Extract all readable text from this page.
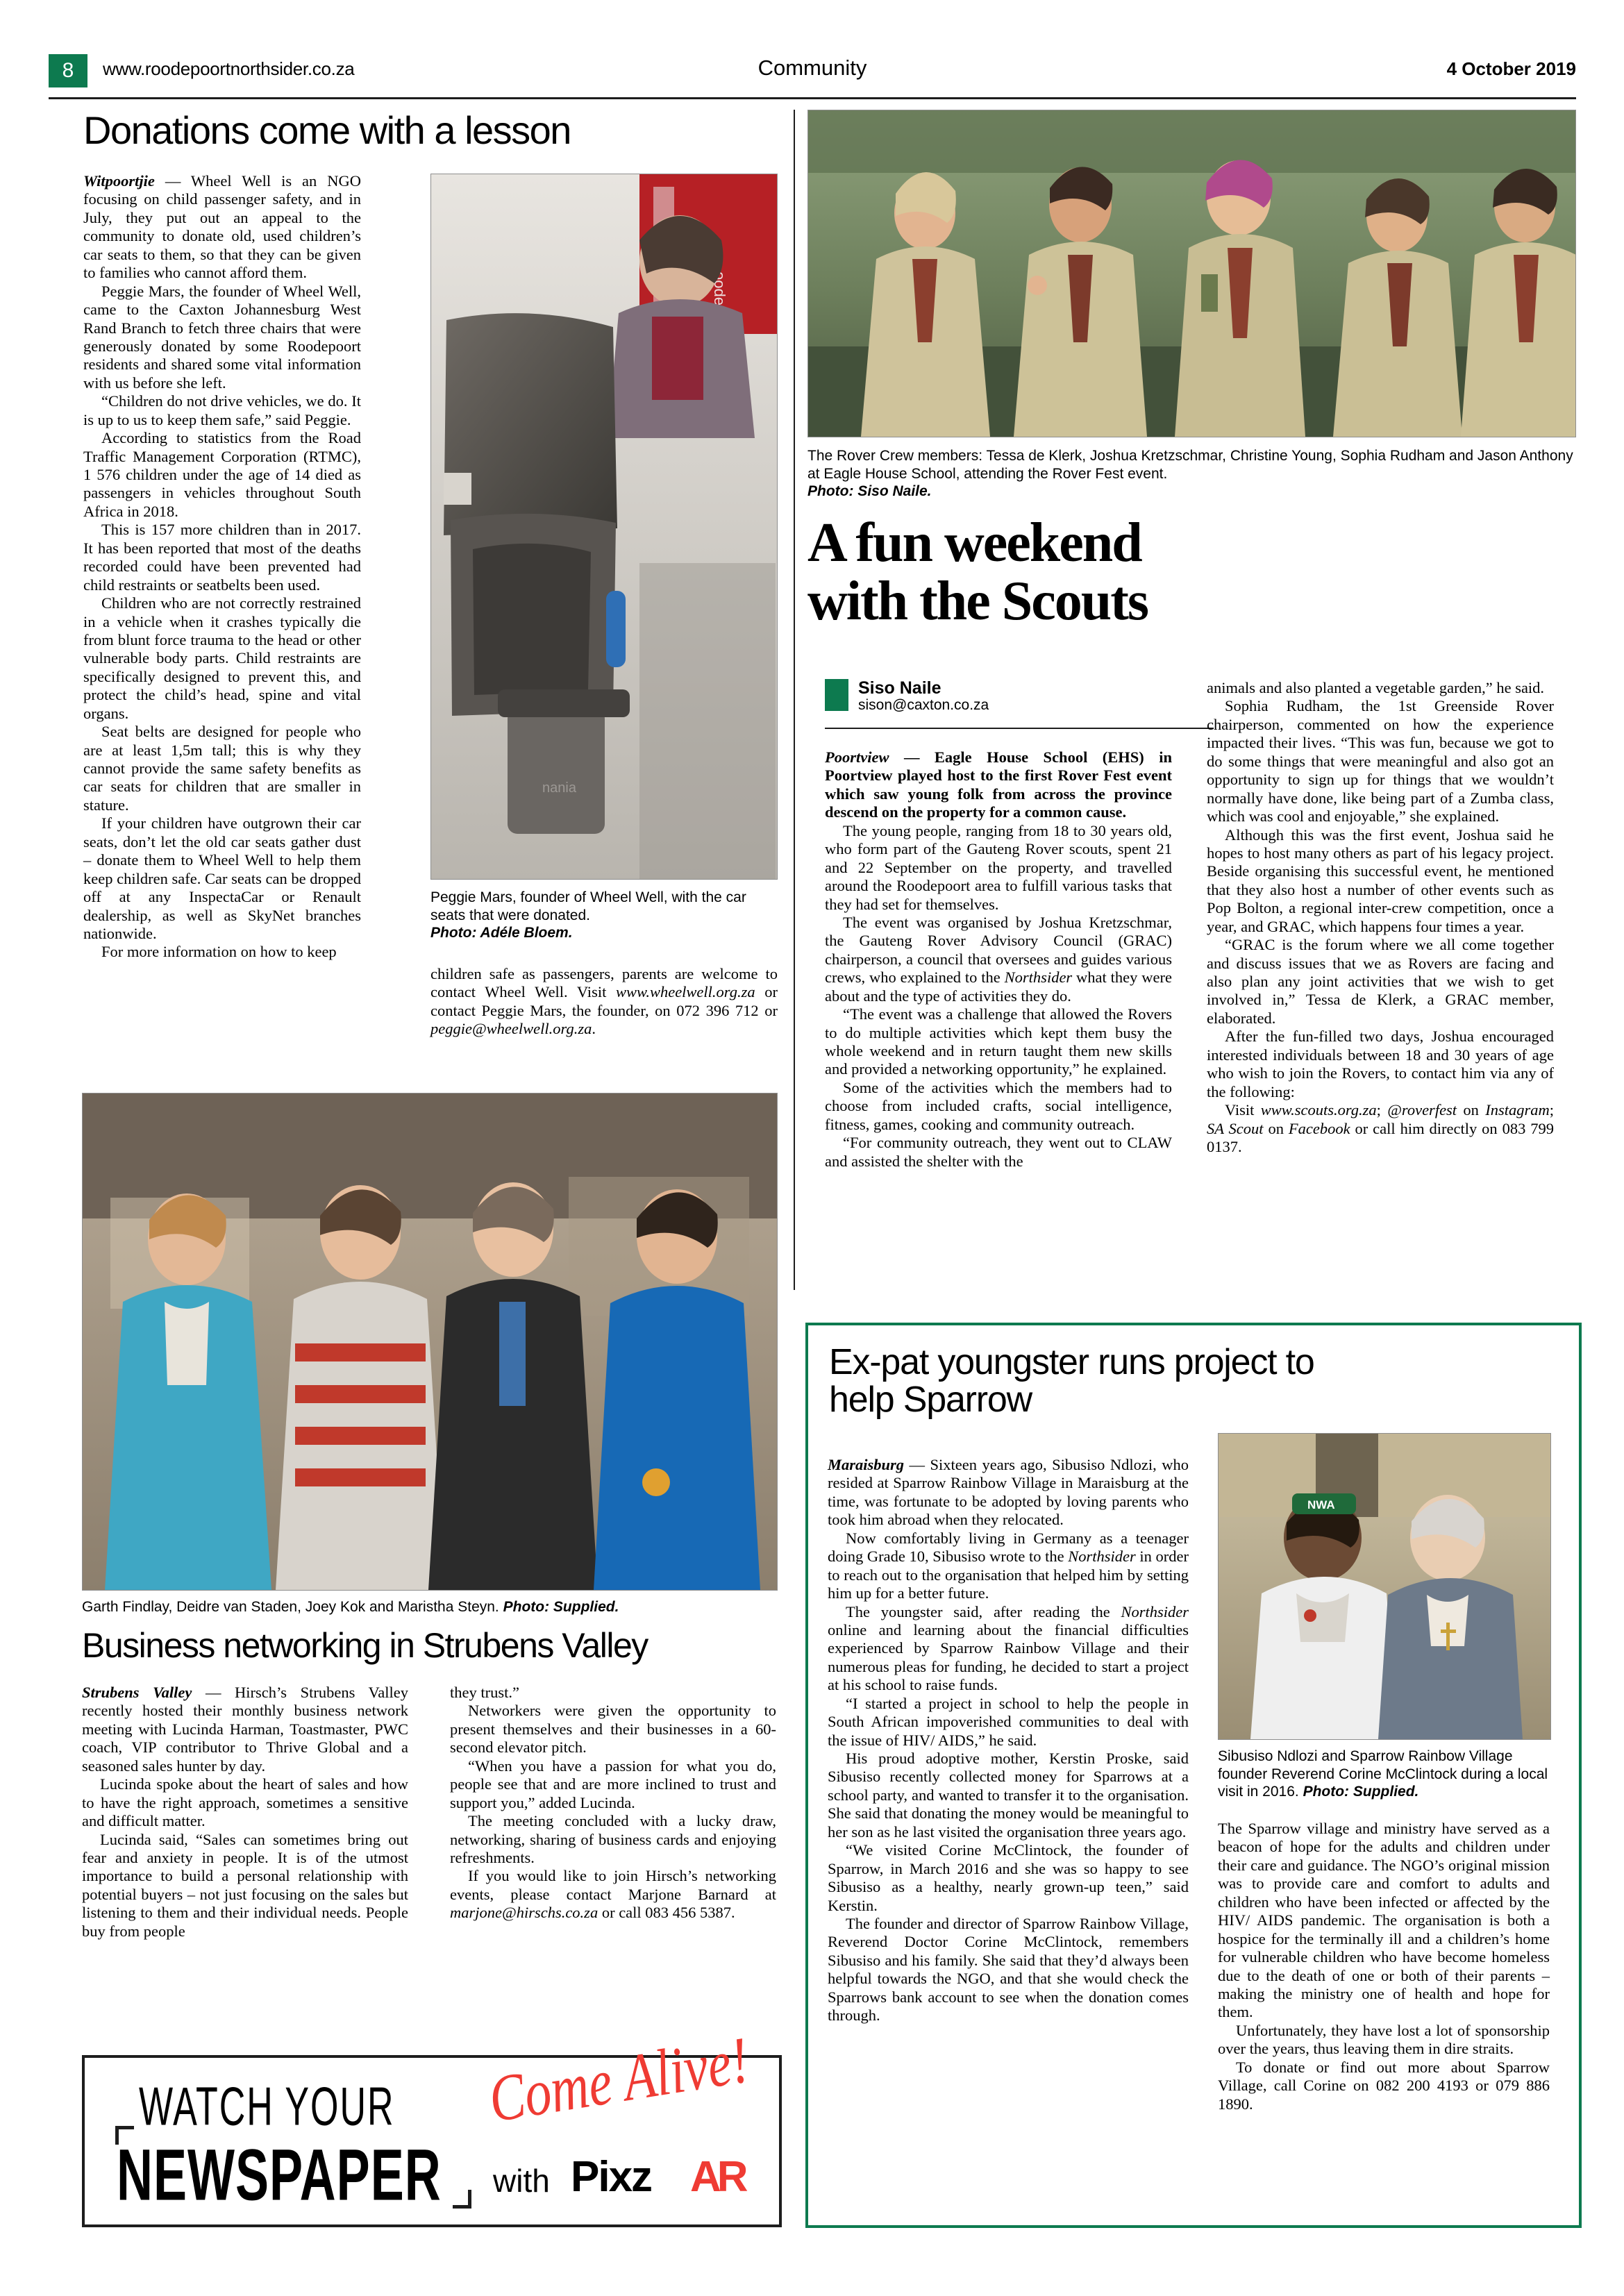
8	www.roodepoortnorthsider.co.za	Community	4 October 2019
Donations come with a lesson

Witpoortjie — Wheel Well is an NGO focusing on child passenger safety, and in July, they put out an appeal to the community to donate old, used children’s car seats to them, so that they can be given to families who cannot afford them.

Peggie Mars, the founder of Wheel Well, came to the Caxton Johannesburg West Rand Branch to fetch three chairs that were generously donated by some Roodepoort residents and shared some vital information with us before she left.

“Children do not drive vehicles, we do. It is up to us to keep them safe,” said Peggie.

According to statistics from the Road Traffic Management Corporation (RTMC), 1 576 children under the age of 14 died as passengers in vehicles throughout South Africa in 2018.

This is 157 more children than in 2017. It has been reported that most of the deaths recorded could have been prevented had child restraints or seatbelts been used.

Children who are not correctly restrained in a vehicle when it crashes typically die from blunt force trauma to the head or other vulnerable body parts. Child restraints are specifically designed to prevent this, and protect the child’s head, spine and vital organs.

Seat belts are designed for people who are at least 1,5m tall; this is why they cannot provide the same safety benefits as car seats for children that are smaller in stature.

If your children have outgrown their car seats, don’t let the old car seats gather dust – donate them to Wheel Well to help them keep children safe. Car seats can be dropped off at any InspectaCar or Renault dealership, as well as SkyNet branches nationwide.

For more information on how to keep

nania
Peggie Mars, founder of Wheel Well, with the car seats that were donated.
Photo: Adéle Bloem.

children safe as passengers, parents are welcome to contact Wheel Well. Visit www.wheelwell.org.za or contact Peggie Mars, the founder, on 072 396 712 or peggie@wheelwell.org.za.

The Rover Crew members: Tessa de Klerk, Joshua Kretzschmar, Christine Young, Sophia Rudham and Jason Anthony at Eagle House School, attending the Rover Fest event.
Photo: Siso Naile.
A fun weekend
with the Scouts
Siso Naile
sison@caxton.co.za

Poortview — Eagle House School (EHS) in Poortview played host to the first Rover Fest event which saw young folk from across the province descend on the property for a common cause.

The young people, ranging from 18 to 30 years old, who form part of the Gauteng Rover scouts, spent 21 and 22 September on the property, and travelled around the Roodepoort area to fulfill various tasks that they had set for themselves.

The event was organised by Joshua Kretzschmar, the Gauteng Rover Advisory Council (GRAC) chairperson, a council that oversees and guides various crews, who explained to the Northsider what they were about and the type of activities they do.

“The event was a challenge that allowed the Rovers to do multiple activities which kept them busy the whole weekend and in return taught them new skills and provided a networking opportunity,” he explained.

Some of the activities which the members had to choose from included crafts, social intelligence, fitness, games, cooking and community outreach.

“For community outreach, they went out to CLAW and assisted the shelter with the

animals and also planted a vegetable garden,” he said.

Sophia Rudham, the 1st Greenside Rover chairperson, commented on how the experience impacted their lives. “This was fun, because we got to do some things that were meaningful and also got an opportunity to sign up for things that we wouldn’t normally have done, like being part of a Zumba class, which was cool and enjoyable,” she explained.

Although this was the first event, Joshua said he hopes to host many others as part of his legacy project. Beside organising this successful event, he mentioned that they also host a number of other events such as Pop Bolton, a regional inter-crew competition, once a year, and GRAC, which happens four times a year.

“GRAC is the forum where we all come together and discuss issues that we as Rovers are facing and also plan any joint activities that we wish to get involved in,” Tessa de Klerk, a GRAC member, elaborated.

After the fun-filled two days, Joshua encouraged interested individuals between 18 and 30 years of age who wish to join the Rovers, to contact him via any of the following:

Visit www.scouts.org.za; @roverfest on Instagram; SA Scout on Facebook or call him directly on 083 799 0137.

Garth Findlay, Deidre van Staden, Joey Kok and Maristha Steyn. Photo: Supplied.
Business networking in Strubens Valley

Strubens Valley — Hirsch’s Strubens Valley recently hosted their monthly business network meeting with Lucinda Harman, Toastmaster, PWC coach, VIP contributor to Thrive Global and a seasoned sales hunter by day.

Lucinda spoke about the heart of sales and how to have the right approach, sometimes a sensitive and difficult matter.

Lucinda said, “Sales can sometimes bring out fear and anxiety in people. It is of the utmost importance to build a personal relationship with potential buyers – not just focusing on the sales but listening to them and their individual needs. People buy from people

they trust.”

Networkers were given the opportunity to present themselves and their businesses in a 60-second elevator pitch.

“When you have a passion for what you do, people see that and are more inclined to trust and support you,” added Lucinda.

The meeting concluded with a lucky draw, networking, sharing of business cards and enjoying refreshments.

If you would like to join Hirsch’s networking events, please contact Marjone Barnard at marjone@hirschs.co.za or call 083 456 5387.

WATCH YOUR
NEWSPAPER
Come Alive!
with Pixz AR
Ex-pat youngster runs project to
help Sparrow
NWA
Sibusiso Ndlozi and Sparrow Rainbow Village founder Reverend Corine McClintock during a local visit in 2016. Photo: Supplied.

Maraisburg — Sixteen years ago, Sibusiso Ndlozi, who resided at Sparrow Rainbow Village in Maraisburg at the time, was fortunate to be adopted by loving parents who took him abroad when they relocated.

Now comfortably living in Germany as a teenager doing Grade 10, Sibusiso wrote to the Northsider in order to reach out to the organisation that helped him by setting him up for a better future.

The youngster said, after reading the Northsider online and learning about the financial difficulties experienced by Sparrow Rainbow Village and their numerous pleas for funding, he decided to start a project at his school to raise funds.

“I started a project in school to help the people in South African impoverished communities to deal with the issue of HIV/ AIDS,” he said.

His proud adoptive mother, Kerstin Proske, said Sibusiso recently collected money for Sparrows at a school party, and wanted to transfer it to the organisation. She said that donating the money would be meaningful to her son as he last visited the organisation three years ago.

“We visited Corine McClintock, the founder of Sparrow, in March 2016 and she was so happy to see Sibusiso as a healthy, nearly grown-up teen,” said Kerstin.

The founder and director of Sparrow Rainbow Village, Reverend Doctor Corine McClintock, remembers Sibusiso and his family. She said that they’d always been helpful towards the NGO, and that she would check the Sparrows bank account to see when the donation comes through.

The Sparrow village and ministry have served as a beacon of hope for the adults and children under their care and guidance. The NGO’s original mission was to provide care and comfort to adults and children who have been infected or affected by the HIV/ AIDS pandemic. The organisation is both a hospice for the terminally ill and a children’s home for vulnerable children who have become homeless due to the death of one or both of their parents – making the ministry one of health and hope for them.

Unfortunately, they have lost a lot of sponsorship over the years, thus leaving them in dire straits.

To donate or find out more about Sparrow Village, call Corine on 082 200 4193 or 079 886 1890.
